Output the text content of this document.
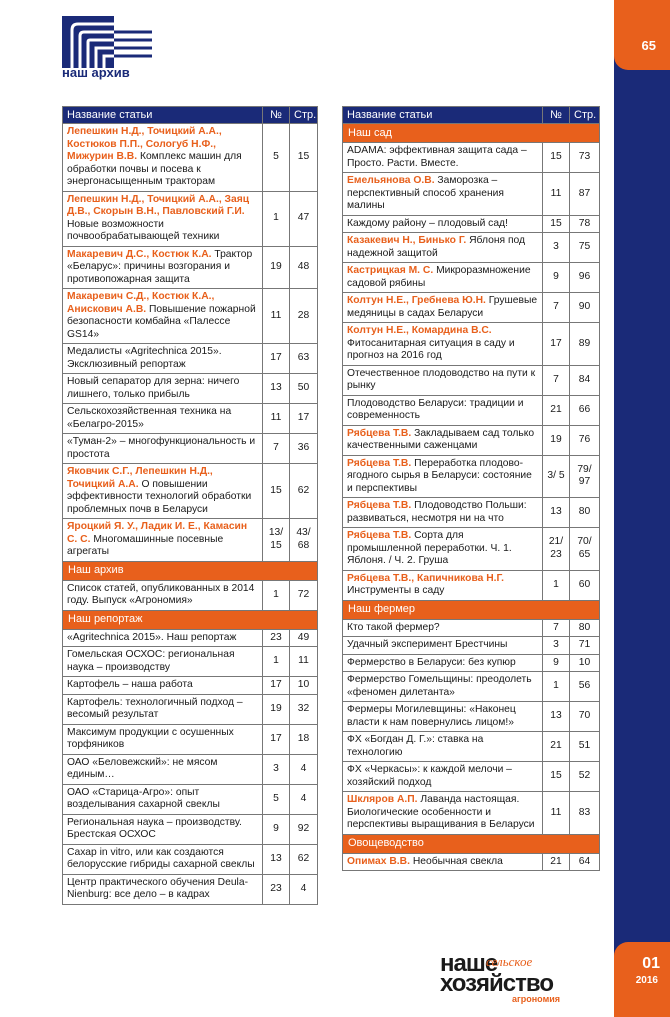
65
01
2016
наш архив
Название статьи	№	Стр.
Лепешкин Н.Д., Точицкий А.А., Костюков П.П., Сологуб Н.Ф., Мижурин В.В. Комплекс машин для обработки почвы и посева к энергонасыщенным тракторам	5	15
Лепешкин Н.Д., Точицкий А.А., Заяц Д.В., Скорын В.Н., Павловский Г.И. Новые возможности почвообрабатывающей техники	1	47
Макаревич Д.С., Костюк К.А. Трактор «Беларус»: причины возгорания и противопожарная защита	19	48
Макаревич С.Д., Костюк К.А., Анискович А.В. Повышение пожарной безопасности комбайна «Палессе GS14»	11	28
Медалисты «Agritechnica 2015». Эксклюзивный репортаж	17	63
Новый сепаратор для зерна: ничего лишнего, только прибыль	13	50
Сельскохозяйственная техника на «Белагро-2015»	11	17
«Туман-2» – многофункциональность и простота	7	36
Яковчик С.Г., Лепешкин Н.Д., Точицкий А.А. О повышении эффективности технологий обработки проблемных почв в Беларуси	15	62
Яроцкий Я. У., Ладик И. Е., Камасин С. С. Многомашинные посевные агрегаты	13/ 15	43/ 68
Наш архив		
Список статей, опубликованных в 2014 году. Выпуск «Агрономия»	1	72
Наш репортаж		
«Agritechnica 2015». Наш репортаж	23	49
Гомельская ОСХОС: региональная наука – производству	1	11
Картофель – наша работа	17	10
Картофель: технологичный подход – весомый результат	19	32
Максимум продукции с осушенных торфяников	17	18
ОАО «Беловежский»: не мясом единым…	3	4
ОАО «Старица-Агро»: опыт возделывания сахарной свеклы	5	4
Региональная наука – производству. Брестская ОСХОС	9	92
Сахар in vitro, или как создаются белорусские гибриды сахарной свеклы	13	62
Центр практического обучения Deula-Nienburg: все дело – в кадрах	23	4
Название статьи	№	Стр.
Наш сад		
ADAMA: эффективная защита сада – Просто. Расти. Вместе.	15	73
Емельянова О.В. Заморозка – перспективный способ хранения малины	11	87
Каждому району – плодовый сад!	15	78
Казакевич Н., Бинько Г. Яблоня под надежной защитой	3	75
Кастрицкая М. С. Микроразмножение садовой рябины	9	96
Колтун Н.Е., Гребнева Ю.Н. Грушевые медяницы в садах Беларуси	7	90
Колтун Н.Е., Комардина В.С. Фитосанитарная ситуация в саду и прогноз на 2016 год	17	89
Отечественное плодоводство на пути к рынку	7	84
Плодоводство Беларуси: традиции и современность	21	66
Рябцева Т.В. Закладываем сад только качественными саженцами	19	76
Рябцева Т.В. Переработка плодово-ягодного сырья в Беларуси: состояние и перспективы	3/ 5	79/ 97
Рябцева Т.В. Плодоводство Польши: развиваться, несмотря ни на что	13	80
Рябцева Т.В. Сорта для промышленной переработки. Ч. 1. Яблоня. / Ч. 2. Груша	21/ 23	70/ 65
Рябцева Т.В., Капичникова Н.Г. Инструменты в саду	1	60
Наш фермер		
Кто такой фермер?	7	80
Удачный эксперимент Брестчины	3	71
Фермерство в Беларуси: без купюр	9	10
Фермерство Гомельщины: преодолеть «феномен дилетанта»	1	56
Фермеры Могилевщины: «Наконец власти к нам повернулись лицом!»	13	70
ФХ «Богдан Д. Г.»: ставка на технологию	21	51
ФХ «Черкасы»: к каждой мелочи – хозяйский подход	15	52
Шкляров А.П. Лаванда настоящая. Биологические особенности и перспективы выращивания в Беларуси	11	83
Овощеводство		
Опимах В.В. Необычная свекла	21	64
наше
сельское
хозяйство
агрономия
